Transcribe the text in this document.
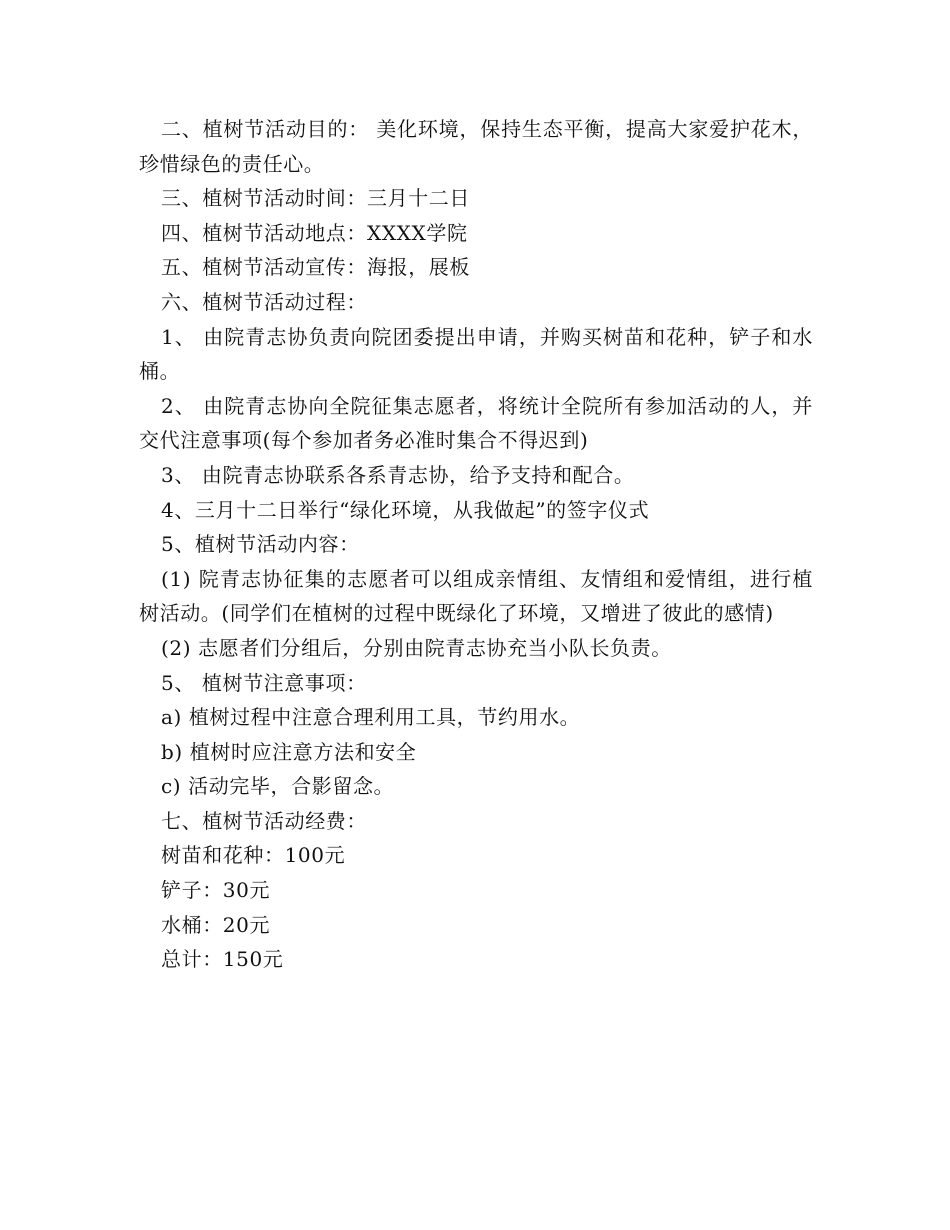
二、植树节活动目的： 美化环境，保持生态平衡，提高大家爱护花木，珍惜绿色的责任心。

三、植树节活动时间：三月十二日

四、植树节活动地点：XXXX学院

五、植树节活动宣传：海报，展板

六、植树节活动过程：

1、 由院青志协负责向院团委提出申请，并购买树苗和花种，铲子和水桶。

2、 由院青志协向全院征集志愿者，将统计全院所有参加活动的人，并交代注意事项(每个参加者务必准时集合不得迟到)

3、 由院青志协联系各系青志协，给予支持和配合。

4、三月十二日举行“绿化环境，从我做起”的签字仪式

5、植树节活动内容：

(1) 院青志协征集的志愿者可以组成亲情组、友情组和爱情组，进行植树活动。(同学们在植树的过程中既绿化了环境，又增进了彼此的感情)

(2) 志愿者们分组后，分别由院青志协充当小队长负责。

5、 植树节注意事项：

a) 植树过程中注意合理利用工具，节约用水。

b) 植树时应注意方法和安全

c) 活动完毕，合影留念。

七、植树节活动经费：

树苗和花种：100元

铲子：30元

水桶：20元

总计：150元
